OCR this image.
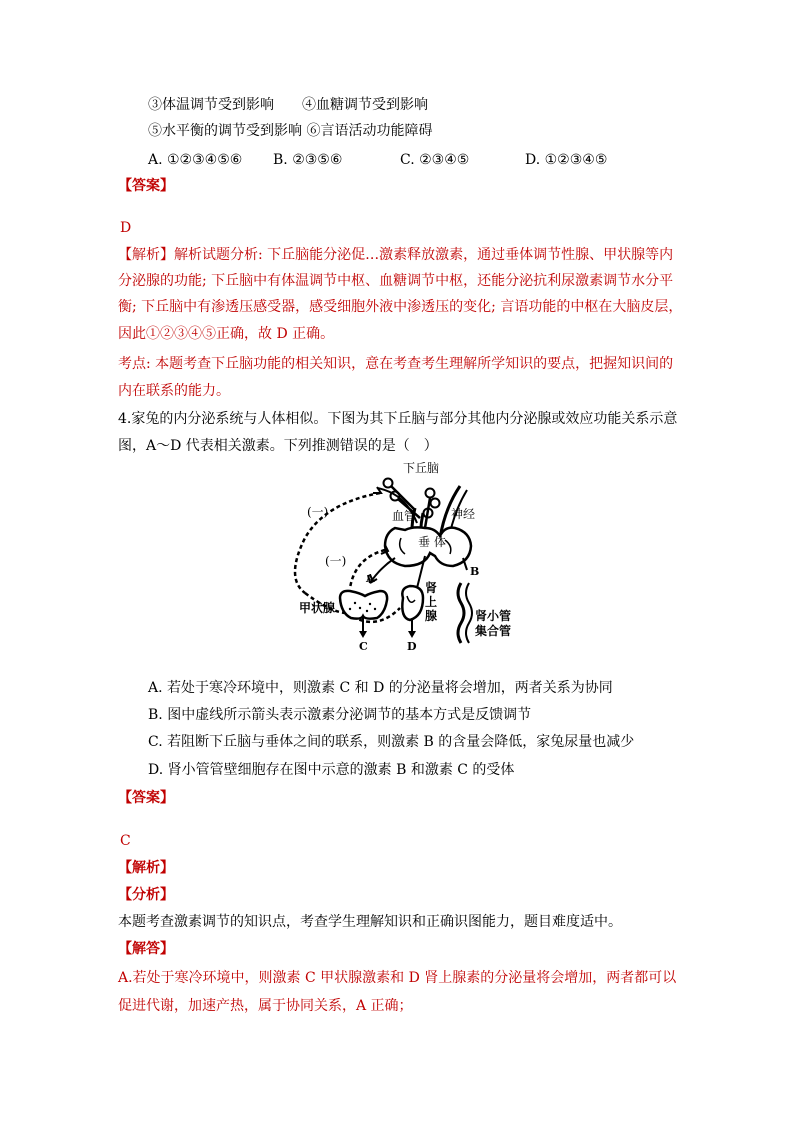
③体温调节受到影响　　④血糖调节受到影响
⑤水平衡的调节受到影响 ⑥言语活动功能障碍
A. ①②③④⑤⑥ B. ②③⑤⑥	C. ②③④⑤	D. ①②③④⑤
【答案】
D
【解析】解析试题分析: 下丘脑能分泌促…激素释放激素，通过垂体调节性腺、甲状腺等内
分泌腺的功能; 下丘脑中有体温调节中枢、血糖调节中枢，还能分泌抗利尿激素调节水分平
衡; 下丘脑中有渗透压感受器，感受细胞外液中渗透压的变化; 言语功能的中枢在大脑皮层，
因此①②③④⑤正确，故 D 正确。
考点: 本题考查下丘脑功能的相关知识，意在考查考生理解所学知识的要点，把握知识间的
内在联系的能力。
4.家兔的内分泌系统与人体相似。下图为其下丘脑与部分其他内分泌腺或效应功能关系示意
图，A～D 代表相关激素。下列推测错误的是（　）
下丘脑
血管	神经
垂 体
(一)
(一)
A
B
C	D
甲状腺
肾
上
腺	肾小管
集合管
A. 若处于寒冷环境中，则激素 C 和 D 的分泌量将会增加，两者关系为协同
B. 图中虚线所示箭头表示激素分泌调节的基本方式是反馈调节
C. 若阻断下丘脑与垂体之间的联系，则激素 B 的含量会降低，家兔尿量也减少
D. 肾小管管壁细胞存在图中示意的激素 B 和激素 C 的受体
【答案】
C
【解析】
【分析】
本题考查激素调节的知识点，考查学生理解知识和正确识图能力，题目难度适中。
【解答】
A.若处于寒冷环境中，则激素 C 甲状腺激素和 D 肾上腺素的分泌量将会增加，两者都可以
促进代谢，加速产热，属于协同关系，A 正确；
